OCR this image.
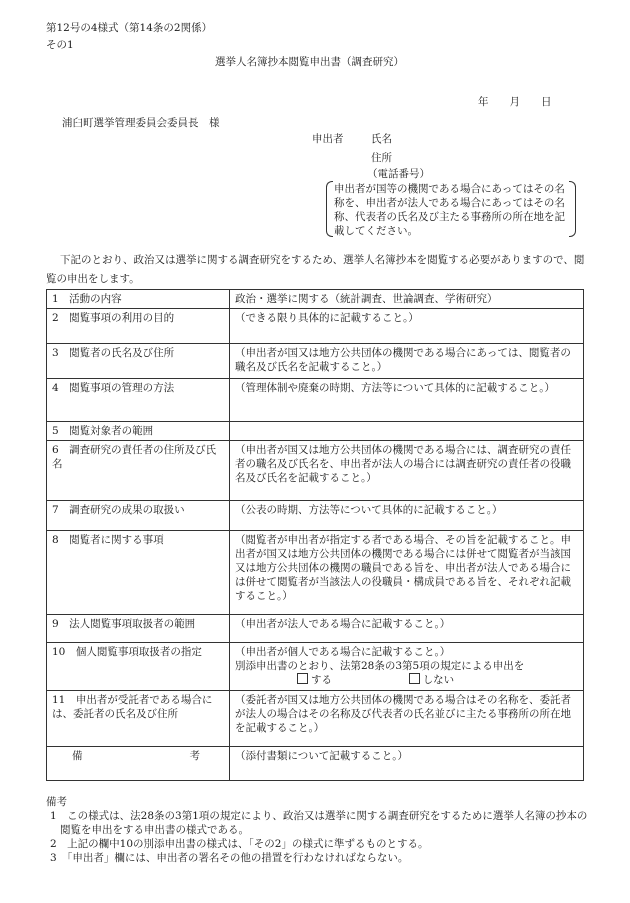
第12号の4様式（第14条の2関係）
その1
選挙人名簿抄本閲覧申出書（調査研究）
年　　月　　日
浦臼町選挙管理委員会委員長　様
申出者	氏名
住所
（電話番号）
申出者が国等の機関である場合にあってはその名称を、申出者が法人である場合にあってはその名称、代表者の氏名及び主たる事務所の所在地を記載してください。
下記のとおり、政治又は選挙に関する調査研究をするため、選挙人名簿抄本を閲覧する必要がありますので、閲覧の申出をします。
1　活動の内容	政治・選挙に関する（統計調査、世論調査、学術研究）
2　閲覧事項の利用の目的	（できる限り具体的に記載すること。）
3　閲覧者の氏名及び住所	（申出者が国又は地方公共団体の機関である場合にあっては、閲覧者の職名及び氏名を記載すること。）
4　閲覧事項の管理の方法	（管理体制や廃棄の時期、方法等について具体的に記載すること。）
5　閲覧対象者の範囲	
6　調査研究の責任者の住所及び氏名	（申出者が国又は地方公共団体の機関である場合には、調査研究の責任者の職名及び氏名を、申出者が法人の場合には調査研究の責任者の役職名及び氏名を記載すること。）
7　調査研究の成果の取扱い	（公表の時期、方法等について具体的に記載すること。）
8　閲覧者に関する事項	（閲覧者が申出者が指定する者である場合、その旨を記載すること。申出者が国又は地方公共団体の機関である場合には併せて閲覧者が当該国又は地方公共団体の機関の職員である旨を、申出者が法人である場合には併せて閲覧者が当該法人の役職員・構成員である旨を、それぞれ記載すること。）
9　法人閲覧事項取扱者の範囲	（申出者が法人である場合に記載すること。）
10　個人閲覧事項取扱者の指定	（申出者が個人である場合に記載すること。）
別添申出書のとおり、法第28条の3第5項の規定による申出を
する しない

11　申出者が受託者である場合には、委託者の氏名及び住所	（委託者が国又は地方公共団体の機関である場合はその名称を、委託者が法人の場合はその名称及び代表者の氏名並びに主たる事務所の所在地を記載すること。）
備 考	（添付書類について記載すること。）
備考
1　この様式は、法28条の3第1項の規定により、政治又は選挙に関する調査研究をするために選挙人名簿の抄本の閲覧を申出をする申出書の様式である。
2　上記の欄中10の別添申出書の様式は、「その2」の様式に準ずるものとする。
3　「申出者」欄には、申出者の署名その他の措置を行わなければならない。
